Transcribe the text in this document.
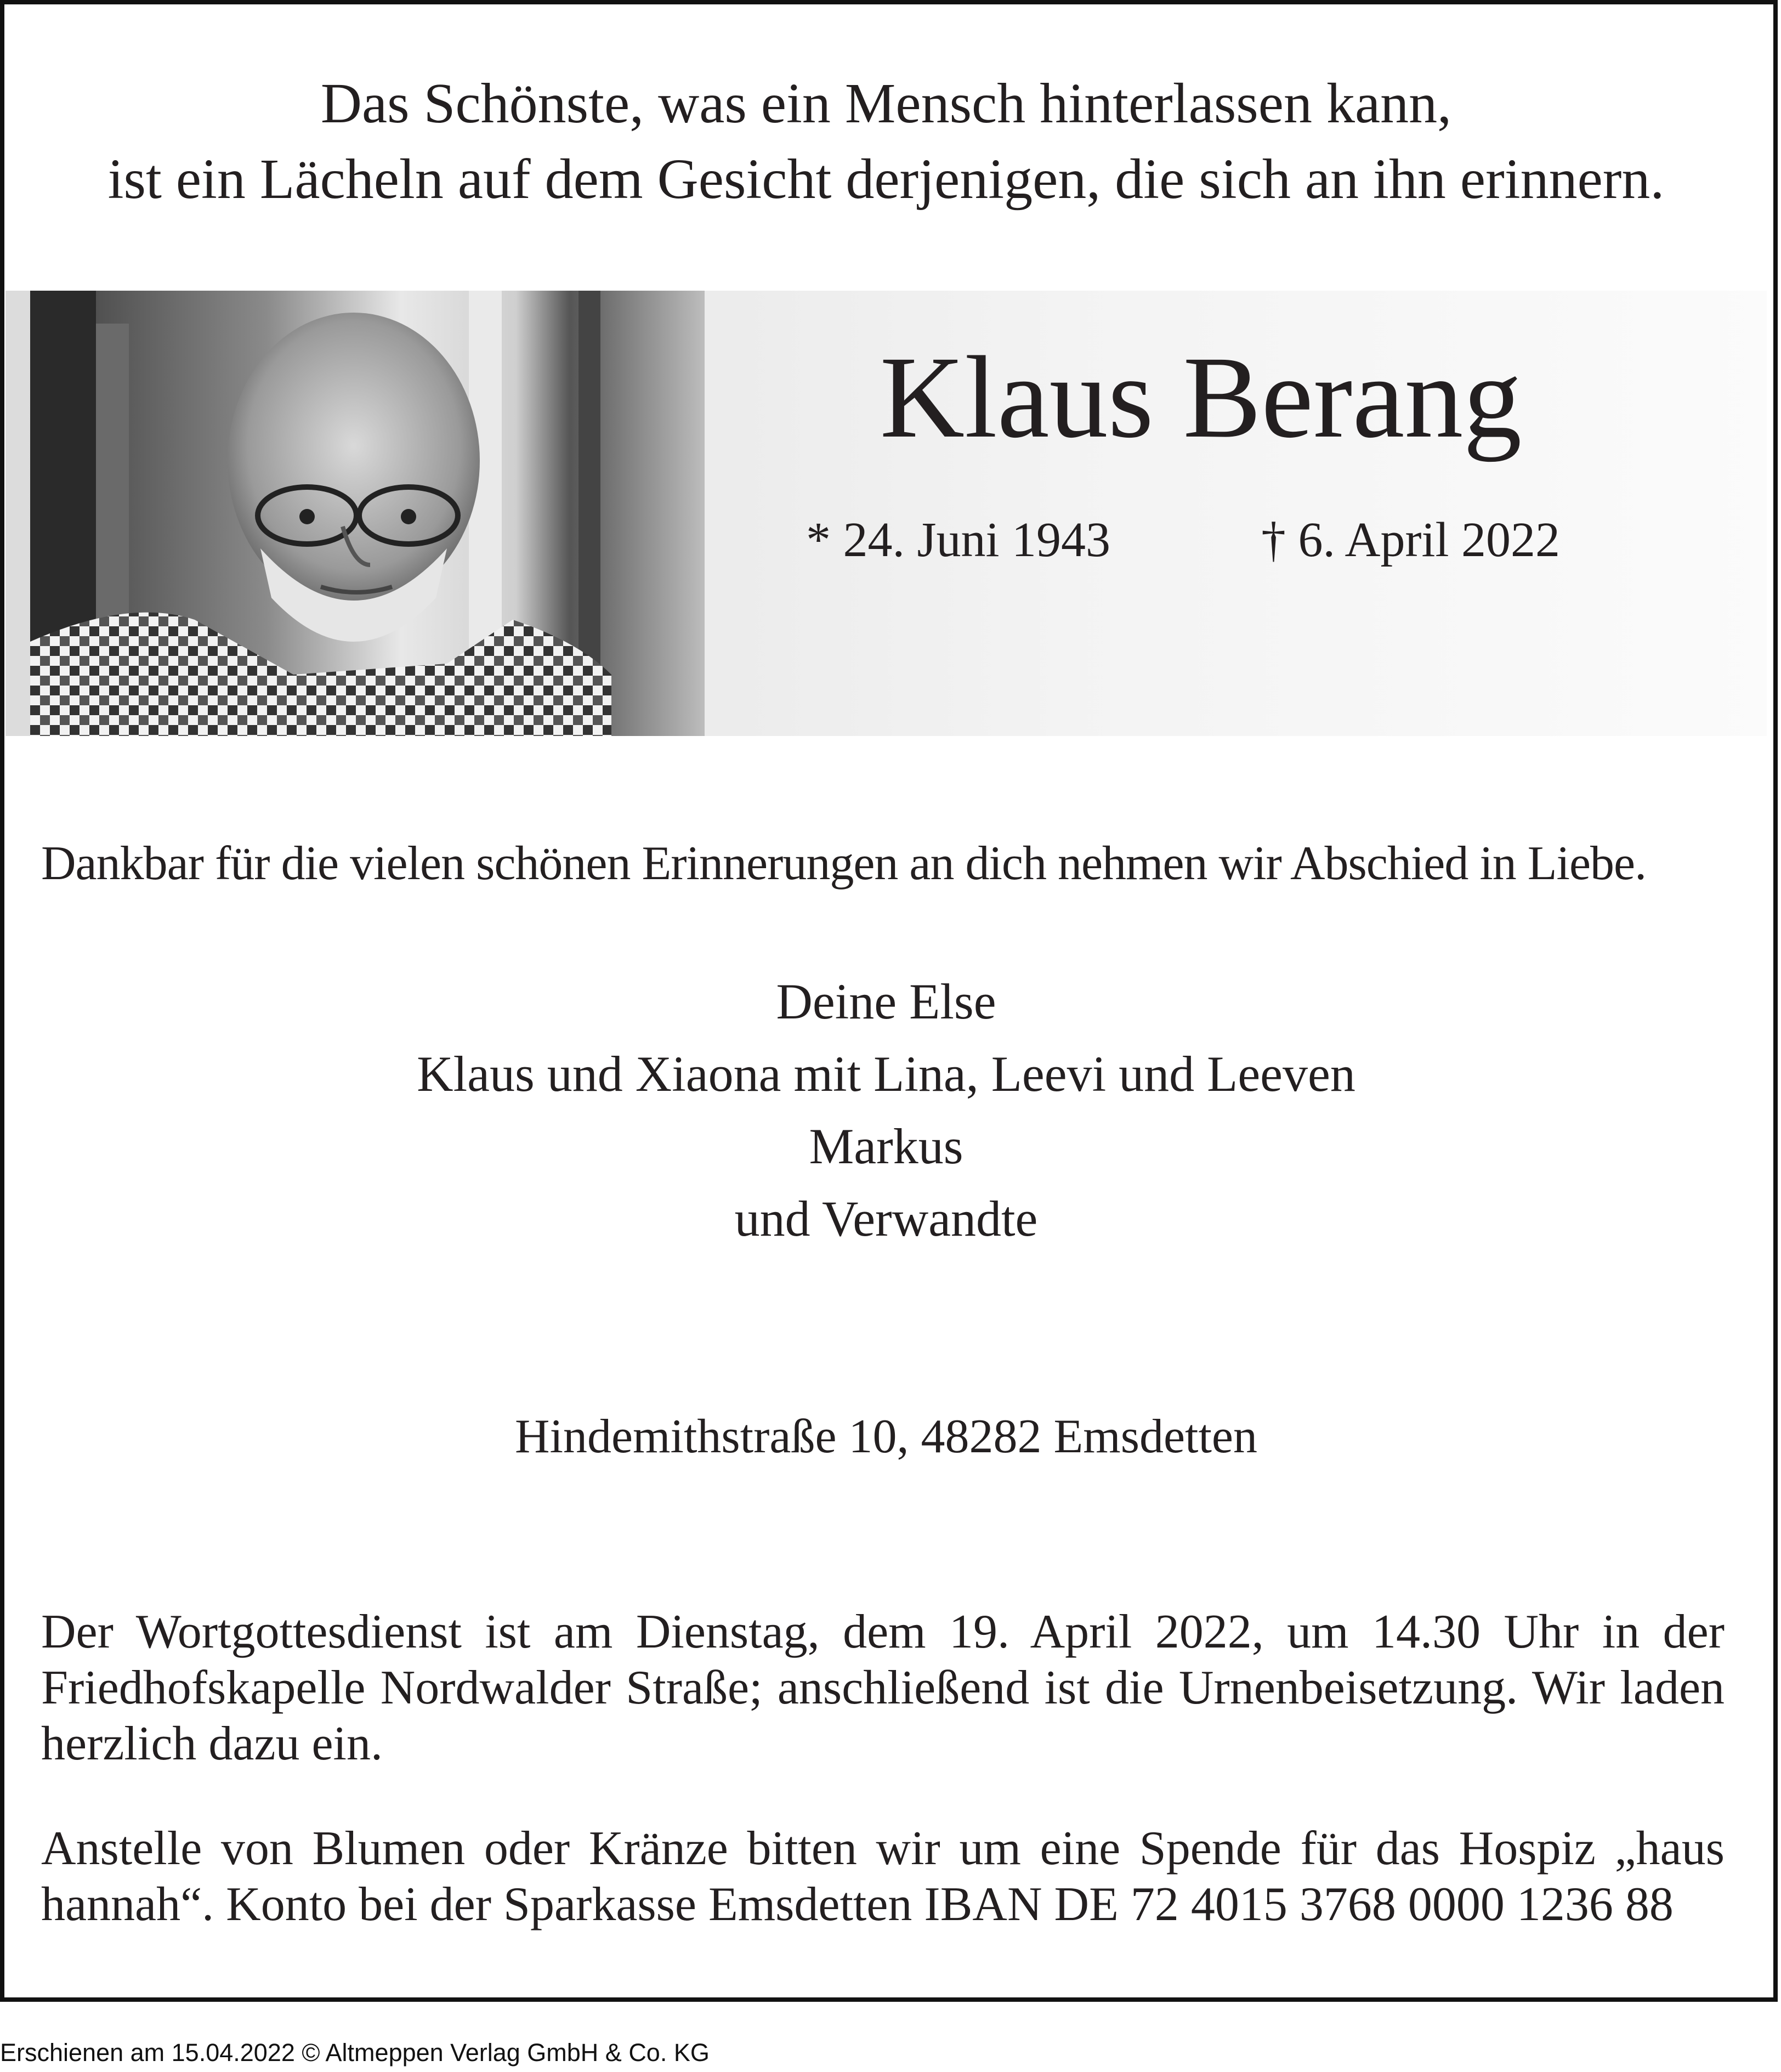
Das Schönste, was ein Mensch hinterlassen kann,
ist ein Lächeln auf dem Gesicht derjenigen, die sich an ihn erinnern.
Klaus Berang
* 24. Juni 1943	† 6. April 2022
Dankbar für die vielen schönen Erinnerungen an dich nehmen wir Abschied in Liebe.
Deine Else
Klaus und Xiaona mit Lina, Leevi und Leeven
Markus
und Verwandte
Hindemithstraße 10, 48282 Emsdetten
Der Wortgottesdienst ist am Dienstag, dem 19. April 2022, um 14.30 Uhr in der Friedhofskapelle Nordwalder Straße; anschließend ist die Urnenbeisetzung. Wir laden herzlich dazu ein.
Anstelle von Blumen oder Kränze bitten wir um eine Spende für das Hospiz „haus hannah“. Konto bei der Sparkasse Emsdetten IBAN DE 72 4015 3768 0000 1236 88
Erschienen am 15.04.2022 © Altmeppen Verlag GmbH & Co. KG
